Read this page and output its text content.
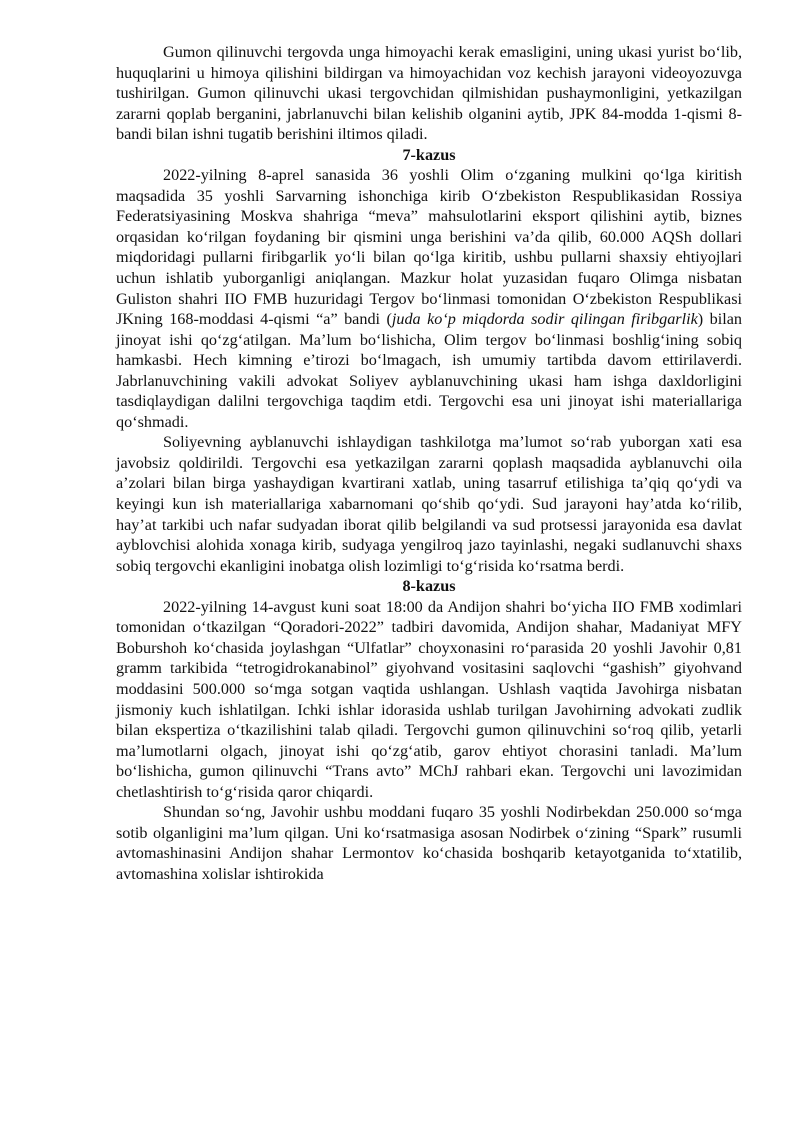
Gumon qilinuvchi tergovda unga himoyachi kerak emasligini, uning ukasi yurist bo‘lib, huquqlarini u himoya qilishini bildirgan va himoyachidan voz kechish jarayoni videoyozuvga tushirilgan. Gumon qilinuvchi ukasi tergovchidan qilmishidan pushaymonligini, yetkazilgan zararni qoplab berganini, jabrlanuvchi bilan kelishib olganini aytib, JPK 84-modda 1-qismi 8-bandi bilan ishni tugatib berishini iltimos qiladi.

7-kazus

2022-yilning 8-aprel sanasida 36 yoshli Olim o‘zganing mulkini qo‘lga kiritish maqsadida 35 yoshli Sarvarning ishonchiga kirib O‘zbekiston Respublikasidan Rossiya Federatsiyasining Moskva shahriga “meva” mahsulotlarini eksport qilishini aytib, biznes orqasidan ko‘rilgan foydaning bir qismini unga berishini va’da qilib, 60.000 AQSh dollari miqdoridagi pullarni firibgarlik yo‘li bilan qo‘lga kiritib, ushbu pullarni shaxsiy ehtiyojlari uchun ishlatib yuborganligi aniqlangan. Mazkur holat yuzasidan fuqaro Olimga nisbatan Guliston shahri IIO FMB huzuridagi Tergov bo‘linmasi tomonidan O‘zbekiston Respublikasi JKning 168-moddasi 4-qismi “a” bandi (juda ko‘p miqdorda sodir qilingan firibgarlik) bilan jinoyat ishi qo‘zg‘atilgan. Ma’lum bo‘lishicha, Olim tergov bo‘linmasi boshlig‘ining sobiq hamkasbi. Hech kimning e’tirozi bo‘lmagach, ish umumiy tartibda davom ettirilaverdi. Jabrlanuvchining vakili advokat Soliyev ayblanuvchining ukasi ham ishga daxldorligini tasdiqlaydigan dalilni tergovchiga taqdim etdi. Tergovchi esa uni jinoyat ishi materiallariga qo‘shmadi.

Soliyevning ayblanuvchi ishlaydigan tashkilotga ma’lumot so‘rab yuborgan xati esa javobsiz qoldirildi. Tergovchi esa yetkazilgan zararni qoplash maqsadida ayblanuvchi oila a’zolari bilan birga yashaydigan kvartirani xatlab, uning tasarruf etilishiga ta’qiq qo‘ydi va keyingi kun ish materiallariga xabarnomani qo‘shib qo‘ydi. Sud jarayoni hay’atda ko‘rilib, hay’at tarkibi uch nafar sudyadan iborat qilib belgilandi va sud protsessi jarayonida esa davlat ayblovchisi alohida xonaga kirib, sudyaga yengilroq jazo tayinlashi, negaki sudlanuvchi shaxs sobiq tergovchi ekanligini inobatga olish lozimligi to‘g‘risida ko‘rsatma berdi.

8-kazus

2022-yilning 14-avgust kuni soat 18:00 da Andijon shahri bo‘yicha IIO FMB xodimlari tomonidan o‘tkazilgan “Qoradori-2022” tadbiri davomida, Andijon shahar, Madaniyat MFY Boburshoh ko‘chasida joylashgan “Ulfatlar” choyxonasini ro‘parasida 20 yoshli Javohir 0,81 gramm tarkibida “tetrogidrokanabinol” giyohvand vositasini saqlovchi “gashish” giyohvand moddasini 500.000 so‘mga sotgan vaqtida ushlangan. Ushlash vaqtida Javohirga nisbatan jismoniy kuch ishlatilgan. Ichki ishlar idorasida ushlab turilgan Javohirning advokati zudlik bilan ekspertiza o‘tkazilishini talab qiladi. Tergovchi gumon qilinuvchini so‘roq qilib, yetarli ma’lumotlarni olgach, jinoyat ishi qo‘zg‘atib, garov ehtiyot chorasini tanladi. Ma’lum bo‘lishicha, gumon qilinuvchi “Trans avto” MChJ rahbari ekan. Tergovchi uni lavozimidan chetlashtirish to‘g‘risida qaror chiqardi.

Shundan so‘ng, Javohir ushbu moddani fuqaro 35 yoshli Nodirbekdan 250.000 so‘mga sotib olganligini ma’lum qilgan. Uni ko‘rsatmasiga asosan Nodirbek o‘zining “Spark” rusumli avtomashinasini Andijon shahar Lermontov ko‘chasida boshqarib ketayotganida to‘xtatilib, avtomashina xolislar ishtirokida
